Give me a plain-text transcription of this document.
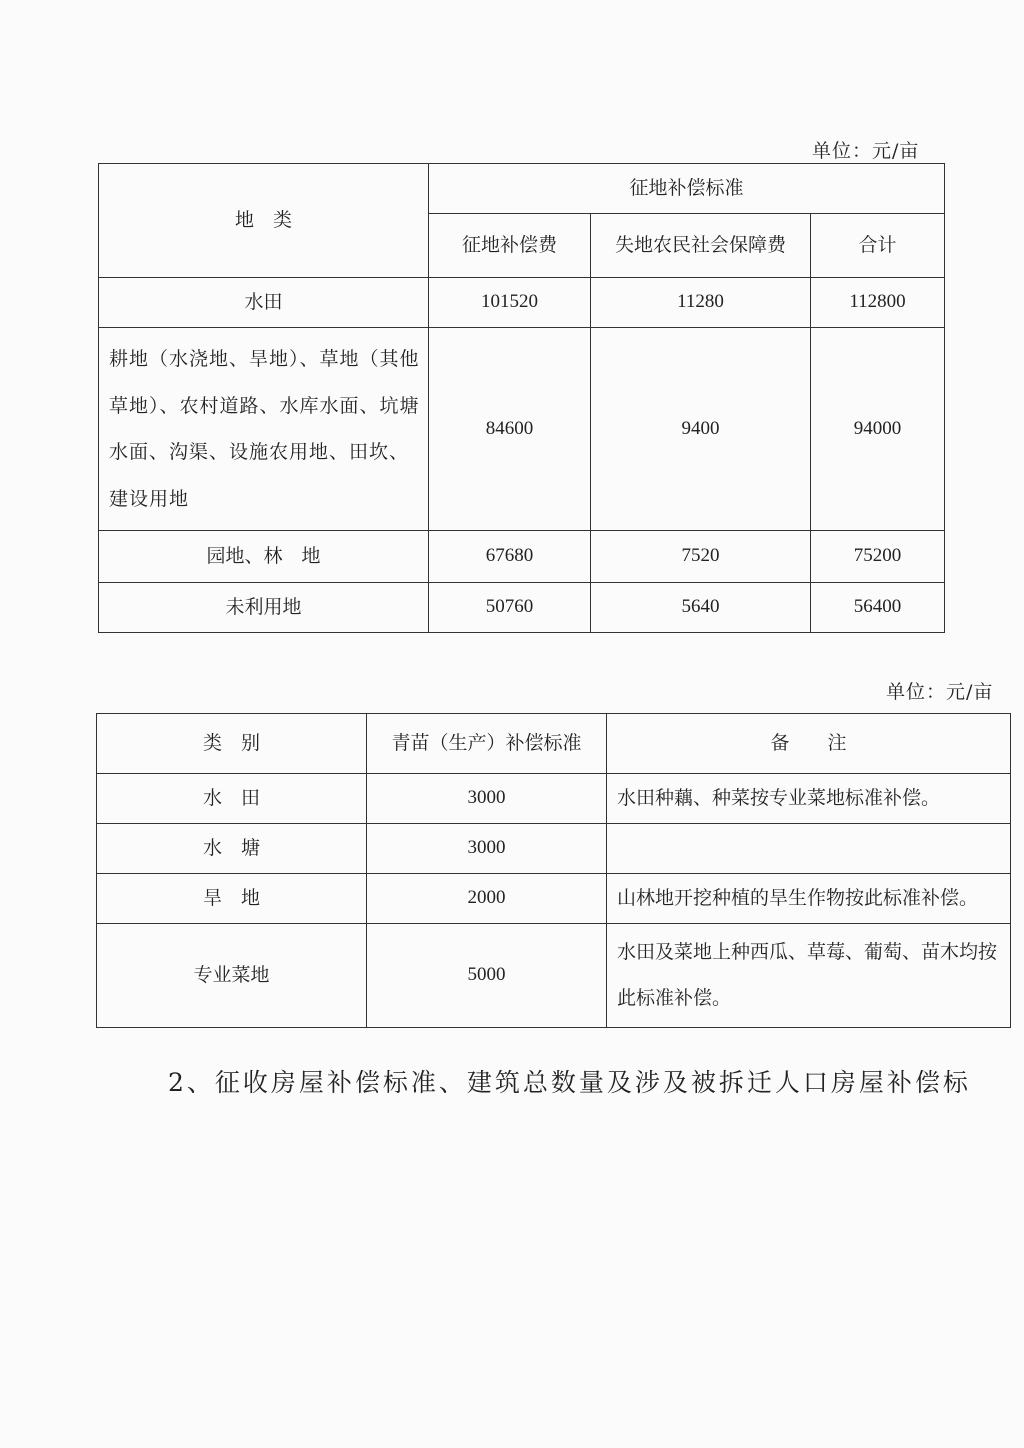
单位：元/亩
地　类	征地补偿标准		
	征地补偿费	失地农民社会保障费	合计
水田	101520	11280	112800
耕地（水浇地、旱地）、草地（其他草地）、农村道路、水库水面、坑塘水面、沟渠、设施农用地、田坎、建设用地	84600	9400	94000
园地、林　地	67680	7520	75200
未利用地	50760	5640	56400
单位：元/亩
类　别	青苗（生产）补偿标准	备　　注
水　田	3000	水田种藕、种菜按专业菜地标准补偿。
水　塘	3000	
旱　地	2000	山林地开挖种植的旱生作物按此标准补偿。
专业菜地	5000	水田及菜地上种西瓜、草莓、葡萄、苗木均按此标准补偿。
2、征收房屋补偿标准、建筑总数量及涉及被拆迁人口房屋补偿标
